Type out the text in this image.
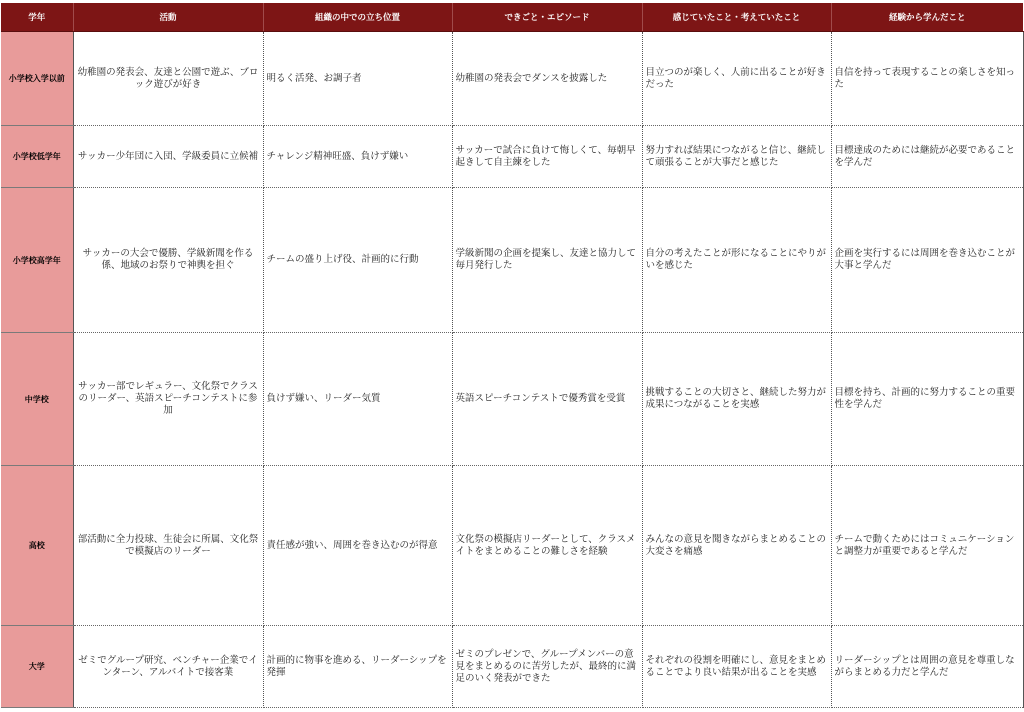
学年	活動	組織の中での立ち位置	できごと・エピソード	感じていたこと・考えていたこと	経験から学んだこと
小学校入学以前	幼稚園の発表会、友達と公園で遊ぶ、ブロック遊びが好き	明るく活発、お調子者	幼稚園の発表会でダンスを披露した	目立つのが楽しく、人前に出ることが好きだった	自信を持って表現することの楽しさを知った
小学校低学年	サッカー少年団に入団、学級委員に立候補	チャレンジ精神旺盛、負けず嫌い	サッカーで試合に負けて悔しくて、毎朝早起きして自主練をした	努力すれば結果につながると信じ、継続して頑張ることが大事だと感じた	目標達成のためには継続が必要であることを学んだ
小学校高学年	サッカーの大会で優勝、学級新聞を作る係、地域のお祭りで神輿を担ぐ	チームの盛り上げ役、計画的に行動	学級新聞の企画を提案し、友達と協力して毎月発行した	自分の考えたことが形になることにやりがいを感じた	企画を実行するには周囲を巻き込むことが大事と学んだ
中学校	サッカー部でレギュラー、文化祭でクラスのリーダー、英語スピーチコンテストに参加	負けず嫌い、リーダー気質	英語スピーチコンテストで優秀賞を受賞	挑戦することの大切さと、継続した努力が成果につながることを実感	目標を持ち、計画的に努力することの重要性を学んだ
高校	部活動に全力投球、生徒会に所属、文化祭で模擬店のリーダー	責任感が強い、周囲を巻き込むのが得意	文化祭の模擬店リーダーとして、クラスメイトをまとめることの難しさを経験	みんなの意見を聞きながらまとめることの大変さを痛感	チームで動くためにはコミュニケーションと調整力が重要であると学んだ
大学	ゼミでグループ研究、ベンチャー企業でインターン、アルバイトで接客業	計画的に物事を進める、リーダーシップを発揮	ゼミのプレゼンで、グループメンバーの意見をまとめるのに苦労したが、最終的に満足のいく発表ができた	それぞれの役割を明確にし、意見をまとめることでより良い結果が出ることを実感	リーダーシップとは周囲の意見を尊重しながらまとめる力だと学んだ
